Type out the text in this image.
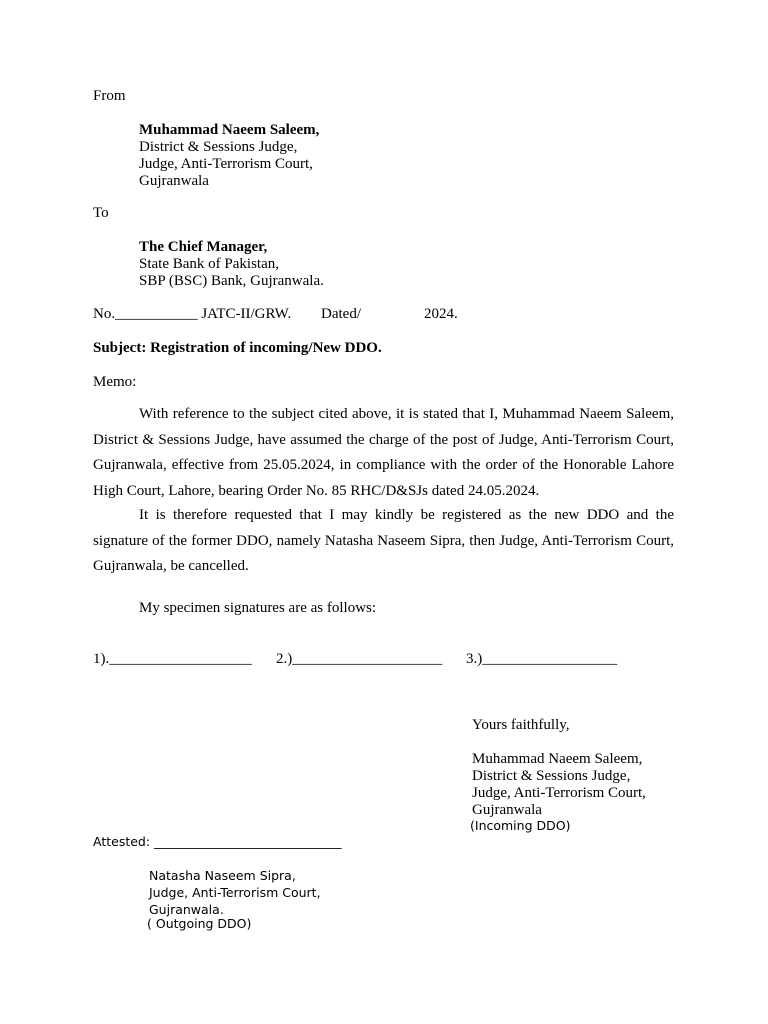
From
Muhammad Naeem Saleem,
District & Sessions Judge,
Judge, Anti-Terrorism Court,
Gujranwala
To
The Chief Manager,
State Bank of Pakistan,
SBP (BSC) Bank, Gujranwala.
No.___________ JATC-II/GRW. Dated/	2024.
Subject: Registration of incoming/New DDO.
Memo:
With reference to the subject cited above, it is stated that I, Muhammad Naeem Saleem, District & Sessions Judge, have assumed the charge of the post of Judge, Anti-Terrorism Court, Gujranwala, effective from 25.05.2024, in compliance with the order of the Honorable Lahore High Court, Lahore, bearing Order No. 85 RHC/D&SJs dated 24.05.2024.
It is therefore requested that I may kindly be registered as the new DDO and the signature of the former DDO, namely Natasha Naseem Sipra, then Judge, Anti-Terrorism Court, Gujranwala, be cancelled.
My specimen signatures are as follows:
1).___________________ 2.)____________________ 3.)__________________
Yours faithfully,
Muhammad Naeem Saleem,
District & Sessions Judge,
Judge, Anti-Terrorism Court,
Gujranwala
(Incoming DDO)
Attested: ______________________________
Natasha Naseem Sipra,
Judge, Anti-Terrorism Court,
Gujranwala.
( Outgoing DDO)
